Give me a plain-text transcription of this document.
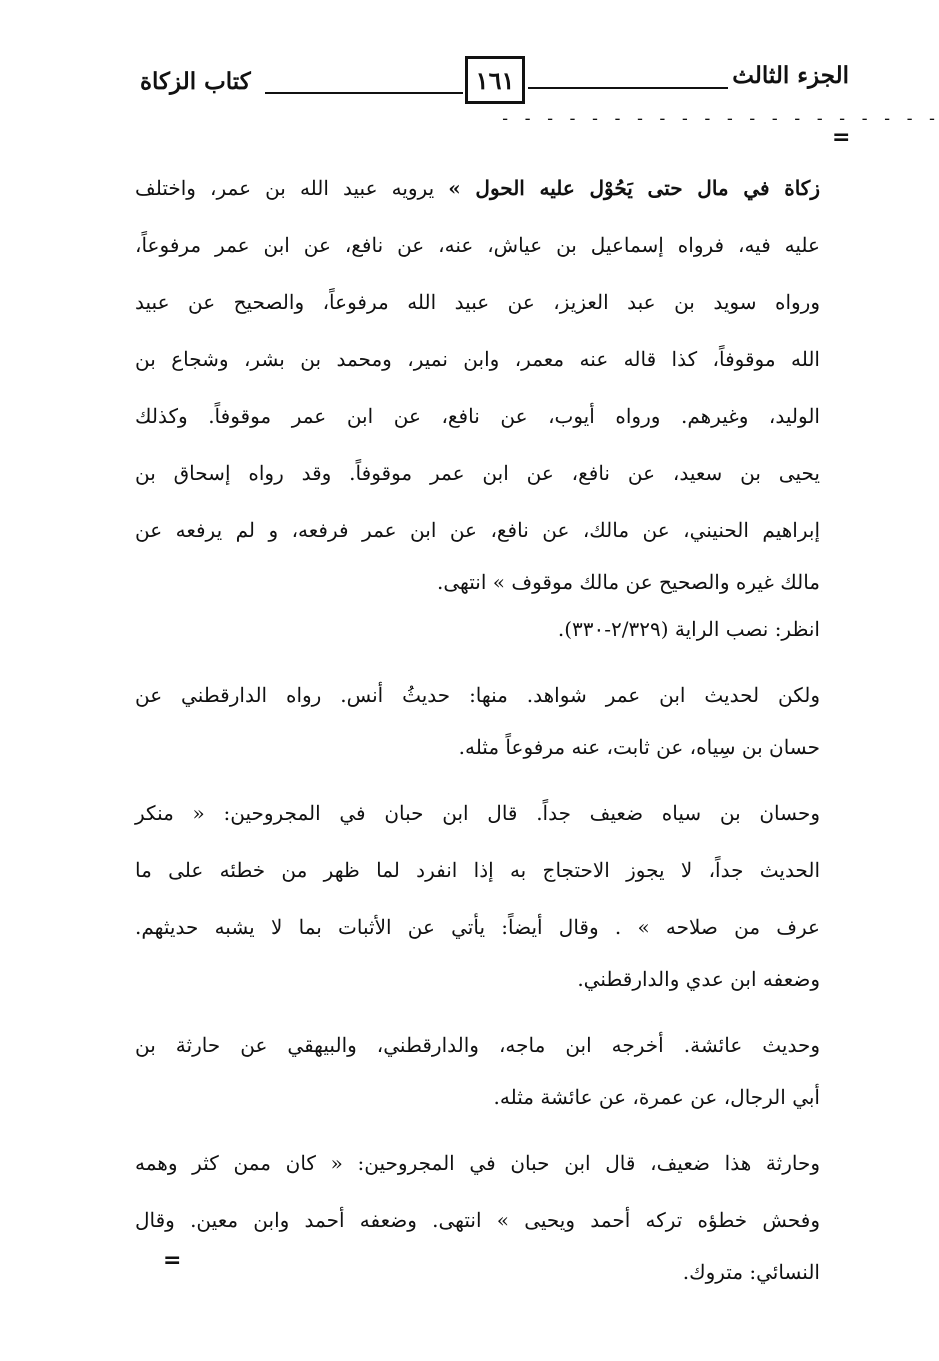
الجزء الثالث
١٦١
كتاب الزكاة
- - - - - - - - - - - - - - - - - - - -
=
زكاة في مال حتى يَحُوْل عليه الحول » يرويه عبيد الله بن عمر، واختلف
عليه فيه، فرواه إسماعيل بن عياش، عنه، عن نافع، عن ابن عمر مرفوعاً،
ورواه سويد بن عبد العزيز، عن عبيد الله مرفوعاً، والصحيح عن عبيد
الله موقوفاً، كذا قاله عنه معمر، وابن نمير، ومحمد بن بشر، وشجاع بن
الوليد، وغيرهم. ورواه أيوب، عن نافع، عن ابن عمر موقوفاً. وكذلك
يحيى بن سعيد، عن نافع، عن ابن عمر موقوفاً. وقد رواه إسحاق بن
إبراهيم الحنيني، عن مالك، عن نافع، عن ابن عمر فرفعه، و لم يرفعه عن
مالك غيره والصحيح عن مالك موقوف » انتهى.
انظر: نصب الراية (٢/٣٢٩-٣٣٠).
ولكن لحديث ابن عمر شواهد. منها: حديثُ أنس. رواه الدارقطني عن
حسان بن سِياه، عن ثابت، عنه مرفوعاً مثله.
وحسان بن سياه ضعيف جداً. قال ابن حبان في المجروحين: « منكر
الحديث جداً، لا يجوز الاحتجاج به إذا انفرد لما ظهر من خطئه على ما
عرف من صلاحه » . وقال أيضاً: يأتي عن الأثبات بما لا يشبه حديثهم.
وضعفه ابن عدي والدارقطني.
وحديث عائشة. أخرجه ابن ماجه، والدارقطني، والبيهقي عن حارثة بن
أبي الرجال، عن عمرة، عن عائشة مثله.
وحارثة هذا ضعيف، قال ابن حبان في المجروحين: « كان ممن كثر وهمه
وفحش خطؤه تركه أحمد ويحيى » انتهى. وضعفه أحمد وابن معين. وقال
النسائي: متروك.
=
